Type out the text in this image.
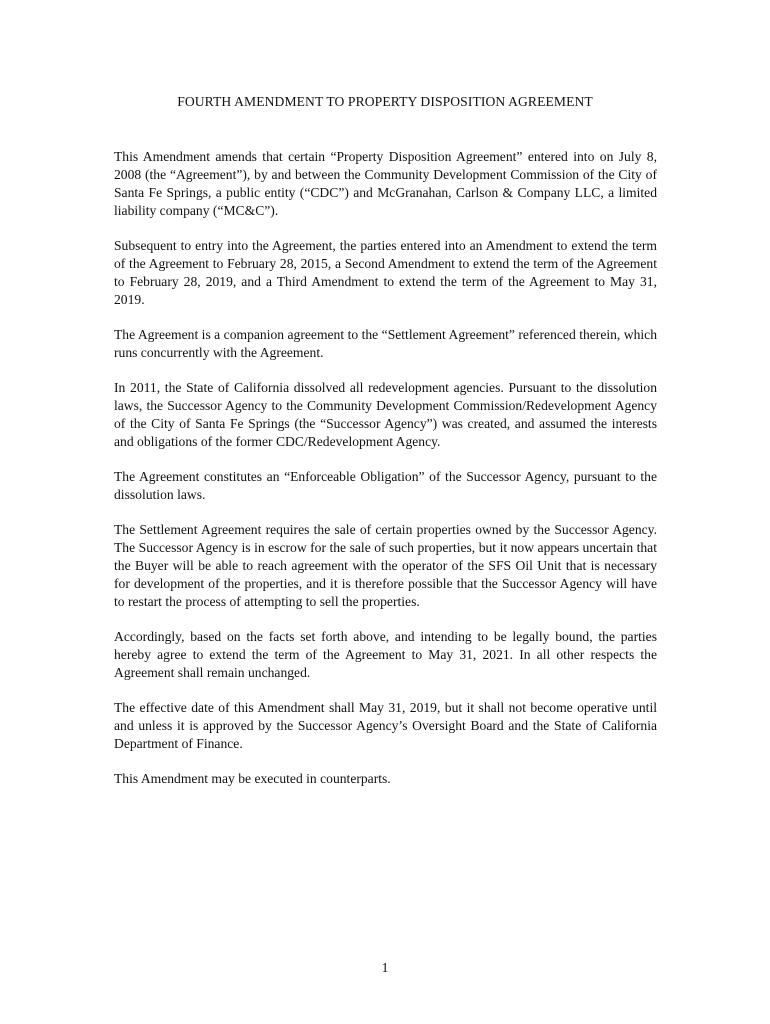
FOURTH AMENDMENT TO PROPERTY DISPOSITION AGREEMENT

This Amendment amends that certain “Property Disposition Agreement” entered into on July 8, 2008 (the “Agreement”), by and between the Community Development Commission of the City of Santa Fe Springs, a public entity (“CDC”) and McGranahan, Carlson & Company LLC, a limited liability company (“MC&C”).

Subsequent to entry into the Agreement, the parties entered into an Amendment to extend the term of the Agreement to February 28, 2015, a Second Amendment to extend the term of the Agreement to February 28, 2019, and a Third Amendment to extend the term of the Agreement to May 31, 2019.

The Agreement is a companion agreement to the “Settlement Agreement” referenced therein, which runs concurrently with the Agreement.

In 2011, the State of California dissolved all redevelopment agencies. Pursuant to the dissolution laws, the Successor Agency to the Community Development Commission/Redevelopment Agency of the City of Santa Fe Springs (the “Successor Agency”) was created, and assumed the interests and obligations of the former CDC/Redevelopment Agency.

The Agreement constitutes an “Enforceable Obligation” of the Successor Agency, pursuant to the dissolution laws.

The Settlement Agreement requires the sale of certain properties owned by the Successor Agency. The Successor Agency is in escrow for the sale of such properties, but it now appears uncertain that the Buyer will be able to reach agreement with the operator of the SFS Oil Unit that is necessary for development of the properties, and it is therefore possible that the Successor Agency will have to restart the process of attempting to sell the properties.

Accordingly, based on the facts set forth above, and intending to be legally bound, the parties hereby agree to extend the term of the Agreement to May 31, 2021. In all other respects the Agreement shall remain unchanged.

The effective date of this Amendment shall May 31, 2019, but it shall not become operative until and unless it is approved by the Successor Agency’s Oversight Board and the State of California Department of Finance.

This Amendment may be executed in counterparts.

1
